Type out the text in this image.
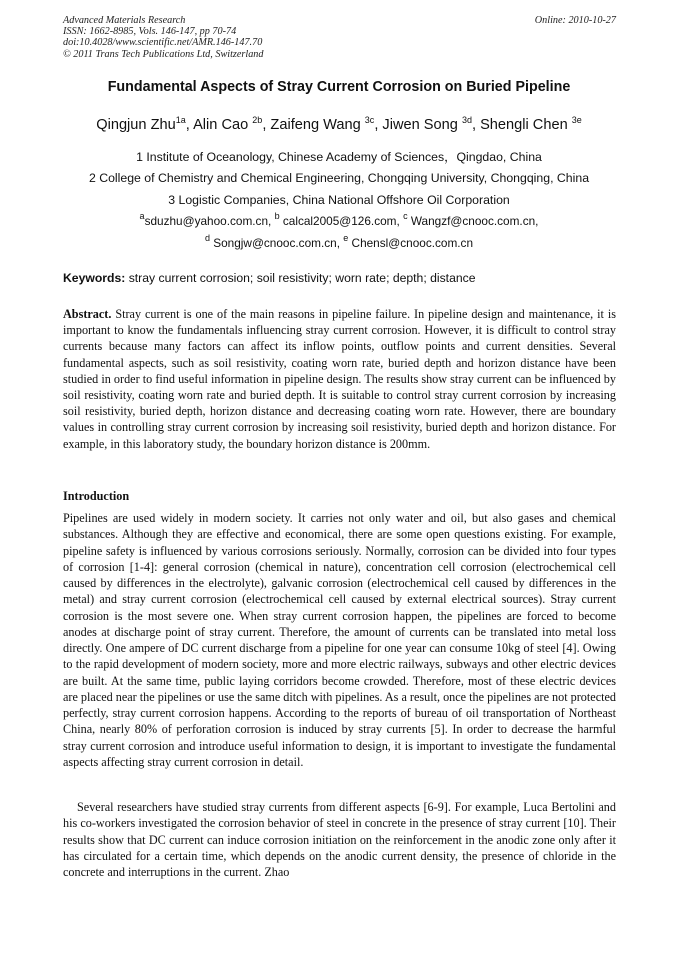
Advanced Materials Research
ISSN: 1662-8985, Vols. 146-147, pp 70-74
doi:10.4028/www.scientific.net/AMR.146-147.70
© 2011 Trans Tech Publications Ltd, Switzerland
Online: 2010-10-27
Fundamental Aspects of Stray Current Corrosion on Buried Pipeline
Qingjun Zhu$^{1a}$, Alin Cao $^{2b}$, Zaifeng Wang $^{3c}$, Jiwen Song $^{3d}$, Shengli Chen $^{3e}$
1 Institute of Oceanology, Chinese Academy of Sciences，Qingdao, China
2 College of Chemistry and Chemical Engineering, Chongqing University, Chongqing, China
3 Logistic Companies, China National Offshore Oil Corporation
$^a$sduzhu@yahoo.com.cn, $^b$ calcal2005@126.com, $^c$ Wangzf@cnooc.com.cn,
$^d$ Songjw@cnooc.com.cn, $^e$ Chensl@cnooc.com.cn
Keywords: stray current corrosion; soil resistivity; worn rate; depth; distance
Abstract. Stray current is one of the main reasons in pipeline failure. In pipeline design and maintenance, it is important to know the fundamentals influencing stray current corrosion. However, it is difficult to control stray currents because many factors can affect its inflow points, outflow points and current densities. Several fundamental aspects, such as soil resistivity, coating worn rate, buried depth and horizon distance have been studied in order to find useful information in pipeline design. The results show stray current can be influenced by soil resistivity, coating worn rate and buried depth. It is suitable to control stray current corrosion by increasing soil resistivity, buried depth, horizon distance and decreasing coating worn rate. However, there are boundary values in controlling stray current corrosion by increasing soil resistivity, buried depth and horizon distance. For example, in this laboratory study, the boundary horizon distance is 200mm.
Introduction
Pipelines are used widely in modern society. It carries not only water and oil, but also gases and chemical substances. Although they are effective and economical, there are some open questions existing. For example, pipeline safety is influenced by various corrosions seriously. Normally, corrosion can be divided into four types of corrosion [1-4]: general corrosion (chemical in nature), concentration cell corrosion (electrochemical cell caused by differences in the electrolyte), galvanic corrosion (electrochemical cell caused by differences in the metal) and stray current corrosion (electrochemical cell caused by external electrical sources). Stray current corrosion is the most severe one. When stray current corrosion happen, the pipelines are forced to become anodes at discharge point of stray current. Therefore, the amount of currents can be translated into metal loss directly. One ampere of DC current discharge from a pipeline for one year can consume 10kg of steel [4]. Owing to the rapid development of modern society, more and more electric railways, subways and other electric devices are built. At the same time, public laying corridors become crowded. Therefore, most of these electric devices are placed near the pipelines or use the same ditch with pipelines. As a result, once the pipelines are not protected perfectly, stray current corrosion happens. According to the reports of bureau of oil transportation of Northeast China, nearly 80% of perforation corrosion is induced by stray currents [5]. In order to decrease the harmful stray current corrosion and introduce useful information to design, it is important to investigate the fundamental aspects affecting stray current corrosion in detail.
Several researchers have studied stray currents from different aspects [6-9]. For example, Luca Bertolini and his co-workers investigated the corrosion behavior of steel in concrete in the presence of stray current [10]. Their results show that DC current can induce corrosion initiation on the reinforcement in the anodic zone only after it has circulated for a certain time, which depends on the anodic current density, the presence of chloride in the concrete and interruptions in the current. Zhao
